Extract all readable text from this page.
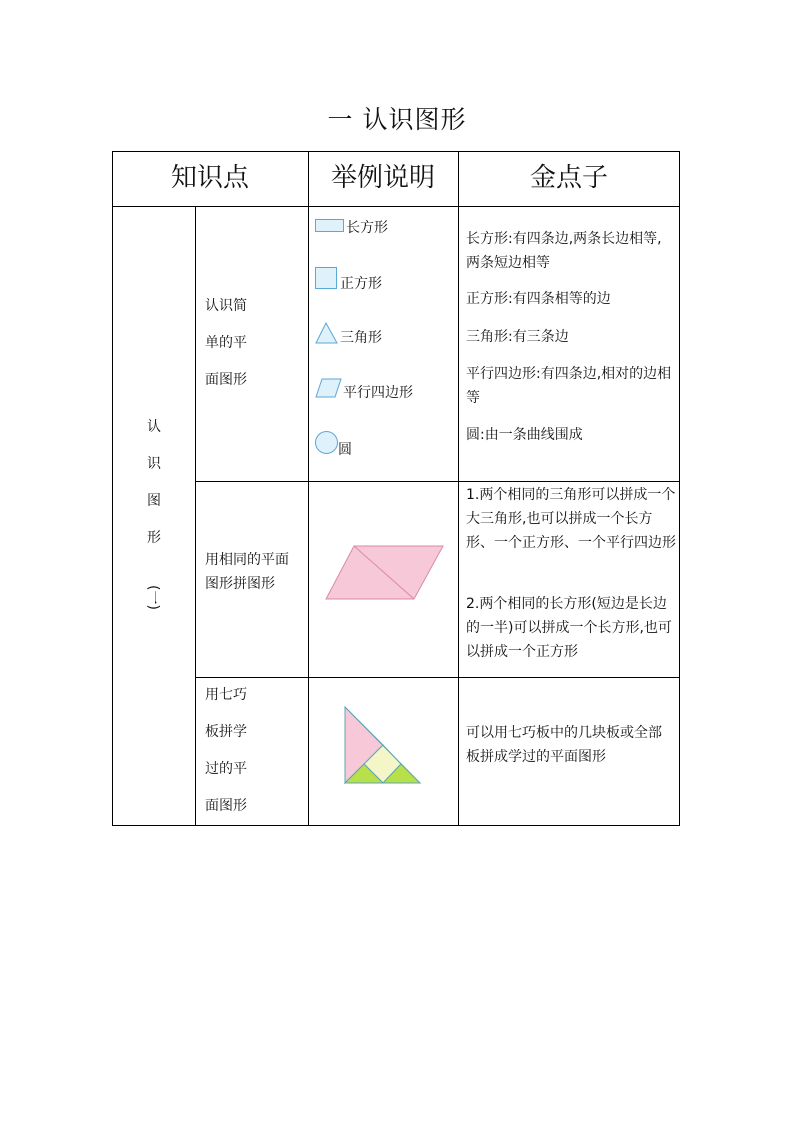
一 认识图形
知识点	举例说明	金点子
认
识
图
形
(一)
认识简
单的平
面图形
长方形
正方形
三角形
平行四边形
圆
长方形:有四条边,两条长边相等,两条短边相等
正方形:有四条相等的边
三角形:有三条边
平行四边形:有四条边,相对的边相等
圆:由一条曲线围成
用相同的平面
图形拼图形
1.两个相同的三角形可以拼成一个大三角形,也可以拼成一个长方形、一个正方形、一个平行四边形
2.两个相同的长方形(短边是长边的一半)可以拼成一个长方形,也可以拼成一个正方形
用七巧
板拼学
过的平
面图形
可以用七巧板中的几块板或全部板拼成学过的平面图形
